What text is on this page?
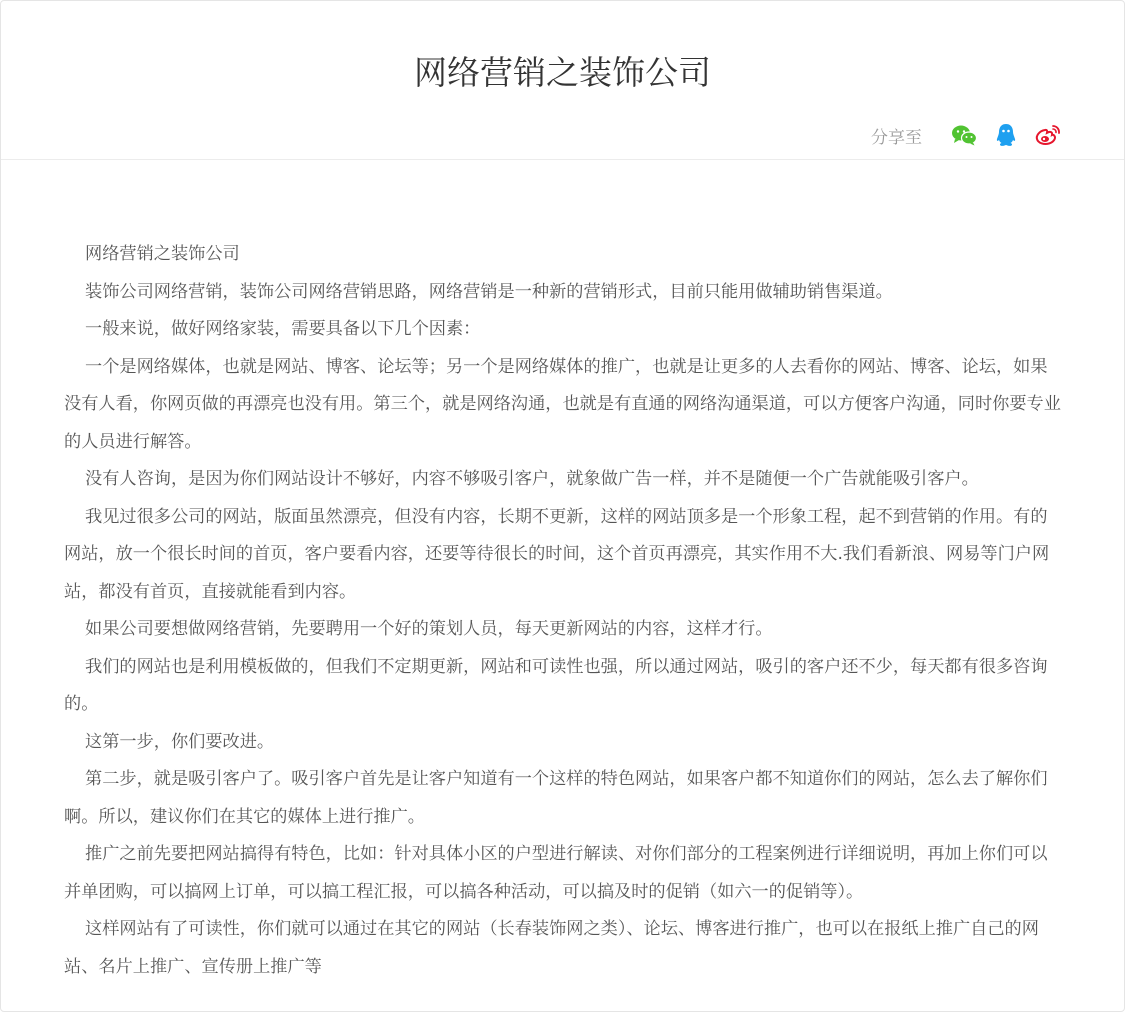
网络营销之装饰公司
分享至

网络营销之装饰公司

装饰公司网络营销，装饰公司网络营销思路，网络营销是一种新的营销形式，目前只能用做辅助销售渠道。

一般来说，做好网络家装，需要具备以下几个因素：

一个是网络媒体，也就是网站、博客、论坛等；另一个是网络媒体的推广，也就是让更多的人去看你的网站、博客、论坛，如果没有人看，你网页做的再漂亮也没有用。第三个，就是网络沟通，也就是有直通的网络沟通渠道，可以方便客户沟通，同时你要专业的人员进行解答。

没有人咨询，是因为你们网站设计不够好，内容不够吸引客户，就象做广告一样，并不是随便一个广告就能吸引客户。

我见过很多公司的网站，版面虽然漂亮，但没有内容，长期不更新，这样的网站顶多是一个形象工程，起不到营销的作用。有的网站，放一个很长时间的首页，客户要看内容，还要等待很长的时间，这个首页再漂亮，其实作用不大.我们看新浪、网易等门户网站，都没有首页，直接就能看到内容。

如果公司要想做网络营销，先要聘用一个好的策划人员，每天更新网站的内容，这样才行。

我们的网站也是利用模板做的，但我们不定期更新，网站和可读性也强，所以通过网站，吸引的客户还不少，每天都有很多咨询的。

这第一步，你们要改进。

第二步，就是吸引客户了。吸引客户首先是让客户知道有一个这样的特色网站，如果客户都不知道你们的网站，怎么去了解你们啊。所以，建议你们在其它的媒体上进行推广。

推广之前先要把网站搞得有特色，比如：针对具体小区的户型进行解读、对你们部分的工程案例进行详细说明，再加上你们可以并单团购，可以搞网上订单，可以搞工程汇报，可以搞各种活动，可以搞及时的促销（如六一的促销等）。

这样网站有了可读性，你们就可以通过在其它的网站（长春装饰网之类）、论坛、博客进行推广，也可以在报纸上推广自己的网站、名片上推广、宣传册上推广等
